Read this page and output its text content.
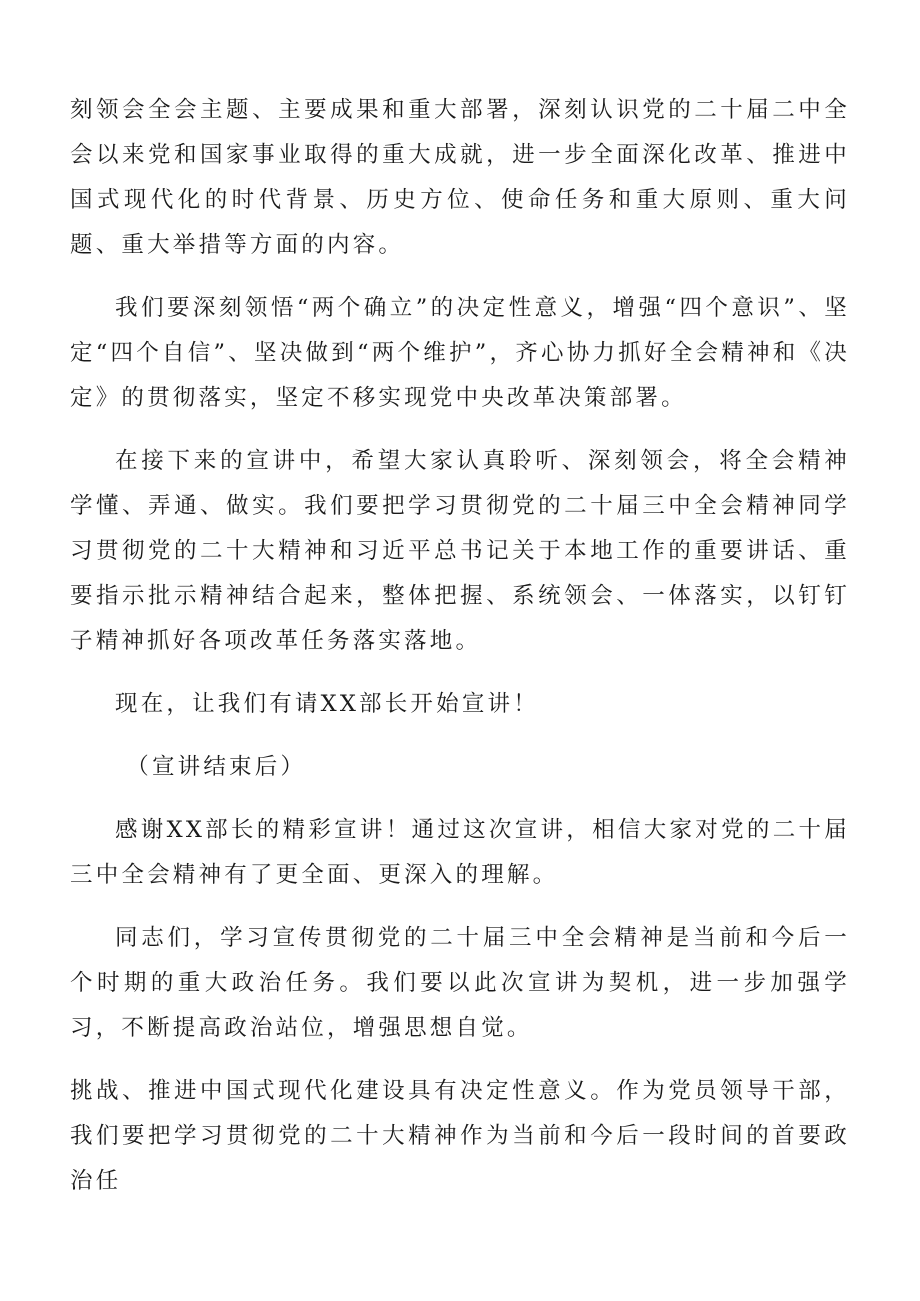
刻领会全会主题、主要成果和重大部署，深刻认识党的二十届二中全会以来党和国家事业取得的重大成就，进一步全面深化改革、推进中国式现代化的时代背景、历史方位、使命任务和重大原则、重大问题、重大举措等方面的内容。

我们要深刻领悟“两个确立”的决定性意义，增强“四个意识”、坚定“四个自信”、坚决做到“两个维护”，齐心协力抓好全会精神和《决定》的贯彻落实，坚定不移实现党中央改革决策部署。

在接下来的宣讲中，希望大家认真聆听、深刻领会，将全会精神学懂、弄通、做实。我们要把学习贯彻党的二十届三中全会精神同学习贯彻党的二十大精神和习近平总书记关于本地工作的重要讲话、重要指示批示精神结合起来，整体把握、系统领会、一体落实，以钉钉子精神抓好各项改革任务落实落地。

现在，让我们有请XX部长开始宣讲！

（宣讲结束后）

感谢XX部长的精彩宣讲！通过这次宣讲，相信大家对党的二十届三中全会精神有了更全面、更深入的理解。

同志们，学习宣传贯彻党的二十届三中全会精神是当前和今后一个时期的重大政治任务。我们要以此次宣讲为契机，进一步加强学习，不断提高政治站位，增强思想自觉。

挑战、推进中国式现代化建设具有决定性意义。作为党员领导干部，我们要把学习贯彻党的二十大精神作为当前和今后一段时间的首要政治任
